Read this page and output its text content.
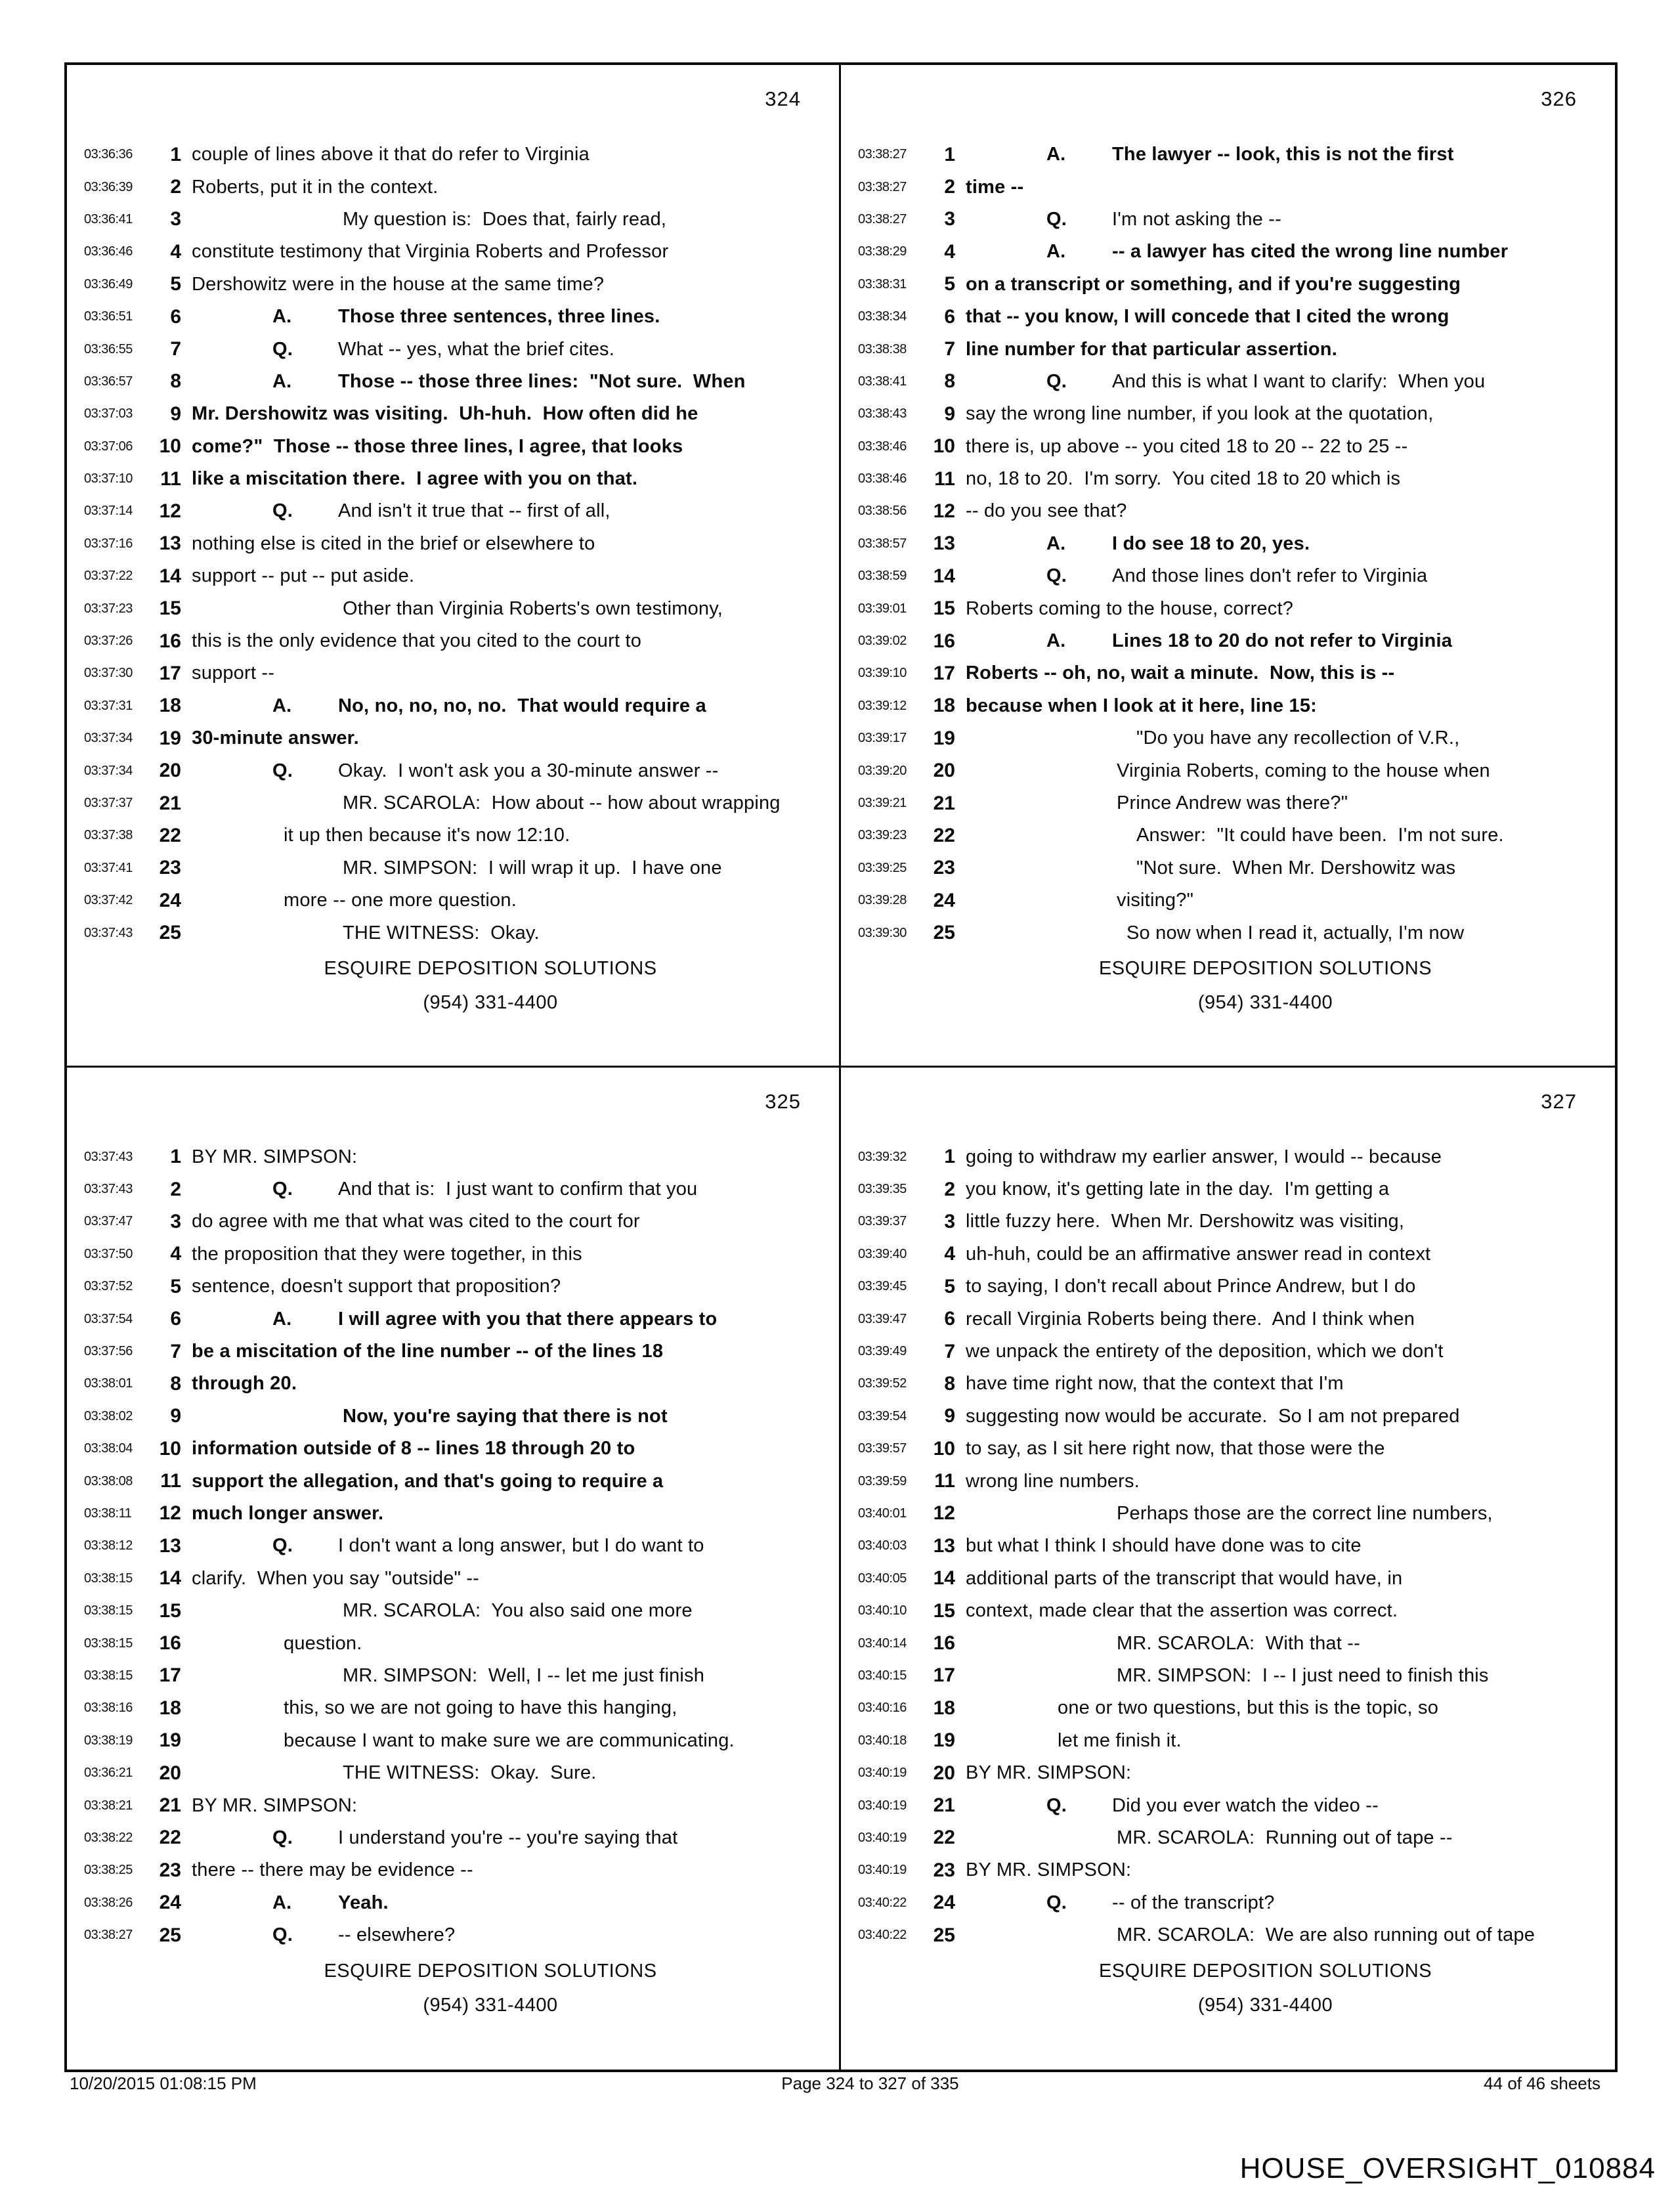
324
03:36:36	1 couple of lines above it that do refer to Virginia
03:36:39	2 Roberts, put it in the context.
03:36:41	3	My question is:  Does that, fairly read,
03:36:46	4 constitute testimony that Virginia Roberts and Professor
03:36:49	5 Dershowitz were in the house at the same time?
03:36:51	6	A. Those three sentences, three lines.
03:36:55	7	Q. What -- yes, what the brief cites.
03:36:57	8	A. Those -- those three lines:  "Not sure.  When
03:37:03	9 Mr. Dershowitz was visiting.  Uh-huh.  How often did he
03:37:06	10 come?"  Those -- those three lines, I agree, that looks
03:37:10	11 like a miscitation there.  I agree with you on that.
03:37:14	12	Q. And isn't it true that -- first of all,
03:37:16	13 nothing else is cited in the brief or elsewhere to
03:37:22	14 support -- put -- put aside.
03:37:23	15	Other than Virginia Roberts's own testimony,
03:37:26	16 this is the only evidence that you cited to the court to
03:37:30	17 support --
03:37:31	18	A. No, no, no, no, no.  That would require a
03:37:34	19 30-minute answer.
03:37:34	20	Q. Okay.  I won't ask you a 30-minute answer --
03:37:37	21	MR. SCAROLA:  How about -- how about wrapping
03:37:38	22	it up then because it's now 12:10.
03:37:41	23	MR. SIMPSON:  I will wrap it up.  I have one
03:37:42	24	more -- one more question.
03:37:43	25	THE WITNESS:  Okay.
ESQUIRE DEPOSITION SOLUTIONS
(954) 331-4400
326
03:38:27	1	A. The lawyer -- look, this is not the first
03:38:27	2 time --
03:38:27	3	Q. I'm not asking the --
03:38:29	4	A. -- a lawyer has cited the wrong line number
03:38:31	5 on a transcript or something, and if you're suggesting
03:38:34	6 that -- you know, I will concede that I cited the wrong
03:38:38	7 line number for that particular assertion.
03:38:41	8	Q. And this is what I want to clarify:  When you
03:38:43	9 say the wrong line number, if you look at the quotation,
03:38:46	10 there is, up above -- you cited 18 to 20 -- 22 to 25 --
03:38:46	11 no, 18 to 20.  I'm sorry.  You cited 18 to 20 which is
03:38:56	12 -- do you see that?
03:38:57	13	A. I do see 18 to 20, yes.
03:38:59	14	Q. And those lines don't refer to Virginia
03:39:01	15 Roberts coming to the house, correct?
03:39:02	16	A. Lines 18 to 20 do not refer to Virginia
03:39:10	17 Roberts -- oh, no, wait a minute.  Now, this is --
03:39:12	18 because when I look at it here, line 15:
03:39:17	19	"Do you have any recollection of V.R.,
03:39:20	20	Virginia Roberts, coming to the house when
03:39:21	21	Prince Andrew was there?"
03:39:23	22	Answer:  "It could have been.  I'm not sure.
03:39:25	23	"Not sure.  When Mr. Dershowitz was
03:39:28	24	visiting?"
03:39:30	25	So now when I read it, actually, I'm now
ESQUIRE DEPOSITION SOLUTIONS
(954) 331-4400
325
03:37:43	1 BY MR. SIMPSON:
03:37:43	2	Q. And that is:  I just want to confirm that you
03:37:47	3 do agree with me that what was cited to the court for
03:37:50	4 the proposition that they were together, in this
03:37:52	5 sentence, doesn't support that proposition?
03:37:54	6	A. I will agree with you that there appears to
03:37:56	7 be a miscitation of the line number -- of the lines 18
03:38:01	8 through 20.
03:38:02	9	Now, you're saying that there is not
03:38:04	10 information outside of 8 -- lines 18 through 20 to
03:38:08	11 support the allegation, and that's going to require a
03:38:11	12 much longer answer.
03:38:12	13	Q. I don't want a long answer, but I do want to
03:38:15	14 clarify.  When you say "outside" --
03:38:15	15	MR. SCAROLA:  You also said one more
03:38:15	16	question.
03:38:15	17	MR. SIMPSON:  Well, I -- let me just finish
03:38:16	18	this, so we are not going to have this hanging,
03:38:19	19	because I want to make sure we are communicating.
03:36:21	20	THE WITNESS:  Okay.  Sure.
03:38:21	21 BY MR. SIMPSON:
03:38:22	22	Q. I understand you're -- you're saying that
03:38:25	23 there -- there may be evidence --
03:38:26	24	A. Yeah.
03:38:27	25	Q. -- elsewhere?
ESQUIRE DEPOSITION SOLUTIONS
(954) 331-4400
327
03:39:32	1 going to withdraw my earlier answer, I would -- because
03:39:35	2 you know, it's getting late in the day.  I'm getting a
03:39:37	3 little fuzzy here.  When Mr. Dershowitz was visiting,
03:39:40	4 uh-huh, could be an affirmative answer read in context
03:39:45	5 to saying, I don't recall about Prince Andrew, but I do
03:39:47	6 recall Virginia Roberts being there.  And I think when
03:39:49	7 we unpack the entirety of the deposition, which we don't
03:39:52	8 have time right now, that the context that I'm
03:39:54	9 suggesting now would be accurate.  So I am not prepared
03:39:57	10 to say, as I sit here right now, that those were the
03:39:59	11 wrong line numbers.
03:40:01	12	Perhaps those are the correct line numbers,
03:40:03	13 but what I think I should have done was to cite
03:40:05	14 additional parts of the transcript that would have, in
03:40:10	15 context, made clear that the assertion was correct.
03:40:14	16	MR. SCAROLA:  With that --
03:40:15	17	MR. SIMPSON:  I -- I just need to finish this
03:40:16	18	one or two questions, but this is the topic, so
03:40:18	19	let me finish it.
03:40:19	20 BY MR. SIMPSON:
03:40:19	21	Q. Did you ever watch the video --
03:40:19	22	MR. SCAROLA:  Running out of tape --
03:40:19	23 BY MR. SIMPSON:
03:40:22	24	Q. -- of the transcript?
03:40:22	25	MR. SCAROLA:  We are also running out of tape
ESQUIRE DEPOSITION SOLUTIONS
(954) 331-4400
10/20/2015 01:08:15 PM	Page 324 to 327 of 335	44 of 46 sheets
HOUSE_OVERSIGHT_010884
